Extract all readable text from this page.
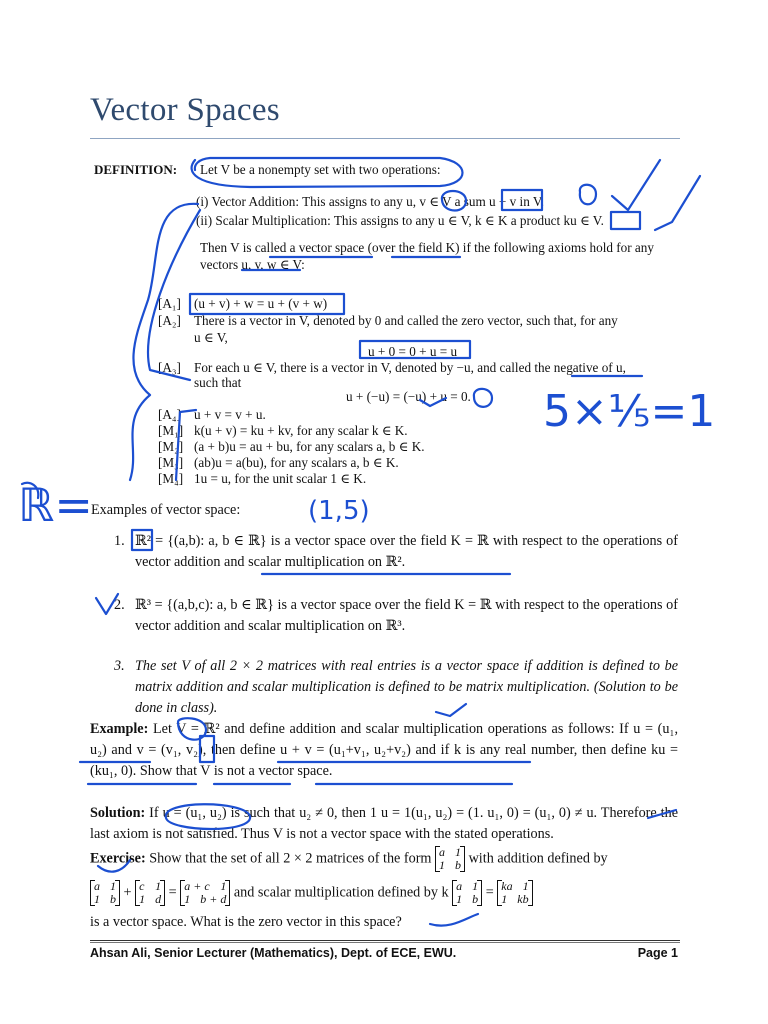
Vector Spaces
DEFINITION: Let V be a nonempty set with two operations:
(i) Vector Addition: This assigns to any u, v ∈ V a sum u + v in V.
(ii) Scalar Multiplication: This assigns to any u ∈ V, k ∈ K a product ku ∈ V.
Then V is called a vector space (over the field K) if the following axioms hold for any
vectors u, v, w ∈ V:
[A₁] (u + v) + w = u + (v + w)
[A₂] There is a vector in V, denoted by 0 and called the zero vector, such that, for any
u ∈ V,
u + 0 = 0 + u = u
[A₃] For each u ∈ V, there is a vector in V, denoted by −u, and called the negative of u,
such that
u + (−u) = (−u) + u = 0.
[A₄] u + v = v + u.
[M₁] k(u + v) = ku + kv, for any scalar k ∈ K.
[M₂] (a + b)u = au + bu, for any scalars a, b ∈ K.
[M₃] (ab)u = a(bu), for any scalars a, b ∈ K.
[M₄] 1u = u, for the unit scalar 1 ∈ K.
Examples of vector space:
1. ℝ² = {(a,b): a, b ∈ ℝ} is a vector space over the field K = ℝ with respect to the operations of vector addition and scalar multiplication on ℝ².
2. ℝ³ = {(a,b,c): a, b ∈ ℝ} is a vector space over the field K = ℝ with respect to the operations of vector addition and scalar multiplication on ℝ³.
3. The set V of all 2 × 2 matrices with real entries is a vector space if addition is defined to be matrix addition and scalar multiplication is defined to be matrix multiplication. (Solution to be done in class).
Example: Let V = ℝ² and define addition and scalar multiplication operations as follows: If u = (u₁, u₂) and v = (v₁, v₂), then define u + v = (u₁+v₁, u₂+v₂) and if k is any real number, then define ku = (ku₁, 0). Show that V is not a vector space.
Solution: If u = (u₁, u₂) is such that u₂ ≠ 0, then 1 u = 1(u₁, u₂) = (1. u₁, 0) = (u₁, 0) ≠ u. Therefore the last axiom is not satisfied. Thus V is not a vector space with the stated operations.
Exercise: Show that the set of all 2 × 2 matrices of the form a 1
1 b with addition defined by
a 1
1 b + c 1
1 d = a + c 1
1 b + d and scalar multiplication defined by k a 1
1 b = ka 1
1 kb
is a vector space. What is the zero vector in this space?
Ahsan Ali, Senior Lecturer (Mathematics), Dept. of ECE, EWU.	Page 1
5×⅕=1
(1,5)
ℝ=
